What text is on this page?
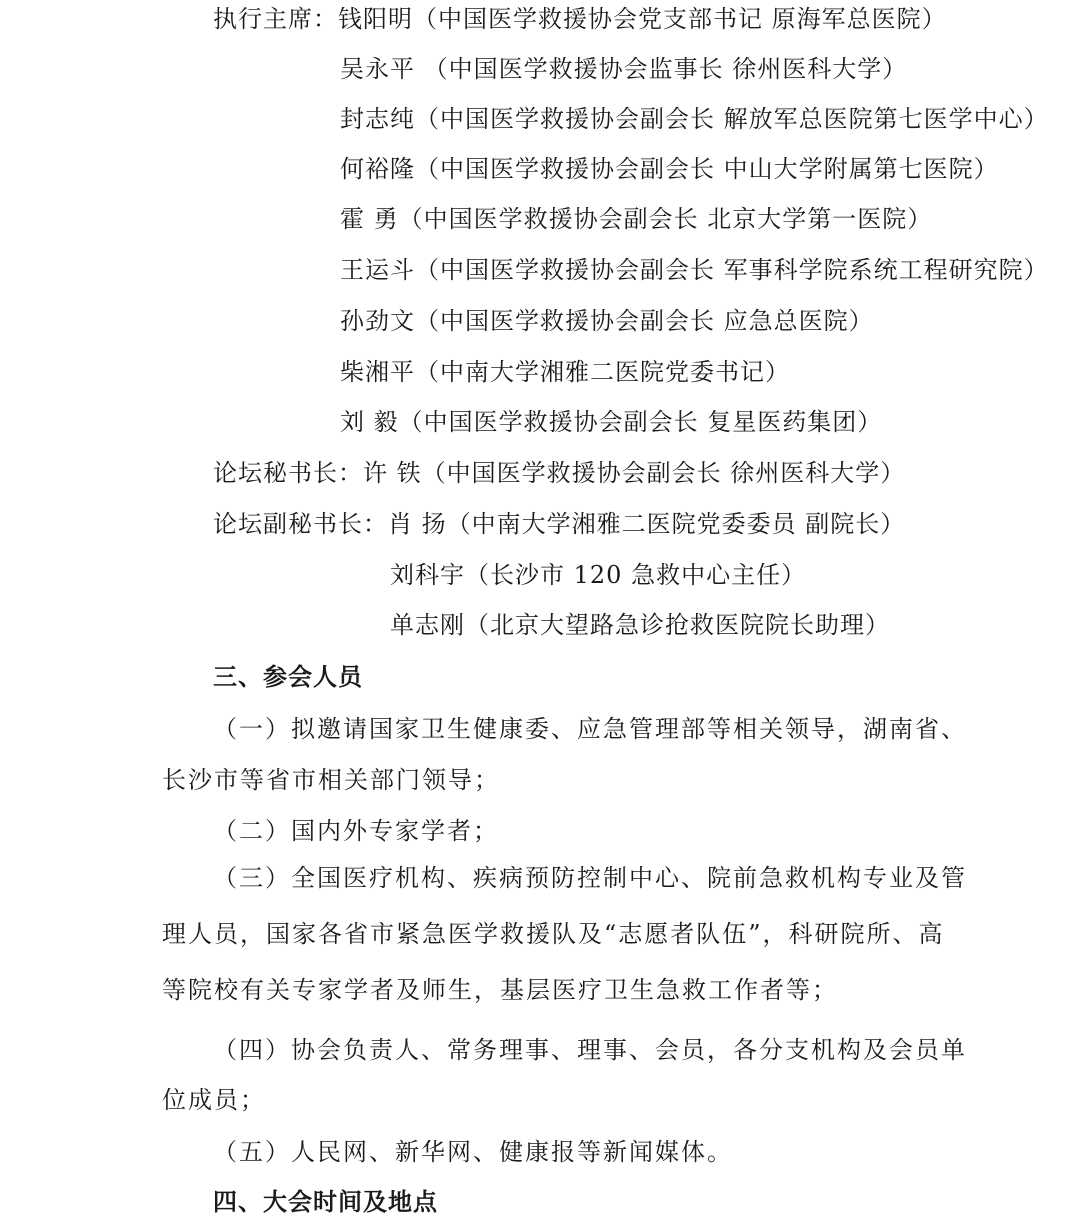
执行主席：钱阳明（中国医学救援协会党支部书记 原海军总医院）
吴永平 （中国医学救援协会监事长 徐州医科大学）
封志纯（中国医学救援协会副会长 解放军总医院第七医学中心）
何裕隆（中国医学救援协会副会长 中山大学附属第七医院）
霍 勇（中国医学救援协会副会长 北京大学第一医院）
王运斗（中国医学救援协会副会长 军事科学院系统工程研究院）
孙劲文（中国医学救援协会副会长 应急总医院）
柴湘平（中南大学湘雅二医院党委书记）
刘 毅（中国医学救援协会副会长 复星医药集团）
论坛秘书长：许 铁（中国医学救援协会副会长 徐州医科大学）
论坛副秘书长：肖 扬（中南大学湘雅二医院党委委员 副院长）
刘科宇（长沙市 120 急救中心主任）
单志刚（北京大望路急诊抢救医院院长助理）
三、参会人员
（一）拟邀请国家卫生健康委、应急管理部等相关领导，湖南省、
长沙市等省市相关部门领导；
（二）国内外专家学者；
（三）全国医疗机构、疾病预防控制中心、院前急救机构专业及管
理人员，国家各省市紧急医学救援队及“志愿者队伍”，科研院所、高
等院校有关专家学者及师生，基层医疗卫生急救工作者等；
（四）协会负责人、常务理事、理事、会员，各分支机构及会员单
位成员；
（五）人民网、新华网、健康报等新闻媒体。
四、大会时间及地点
